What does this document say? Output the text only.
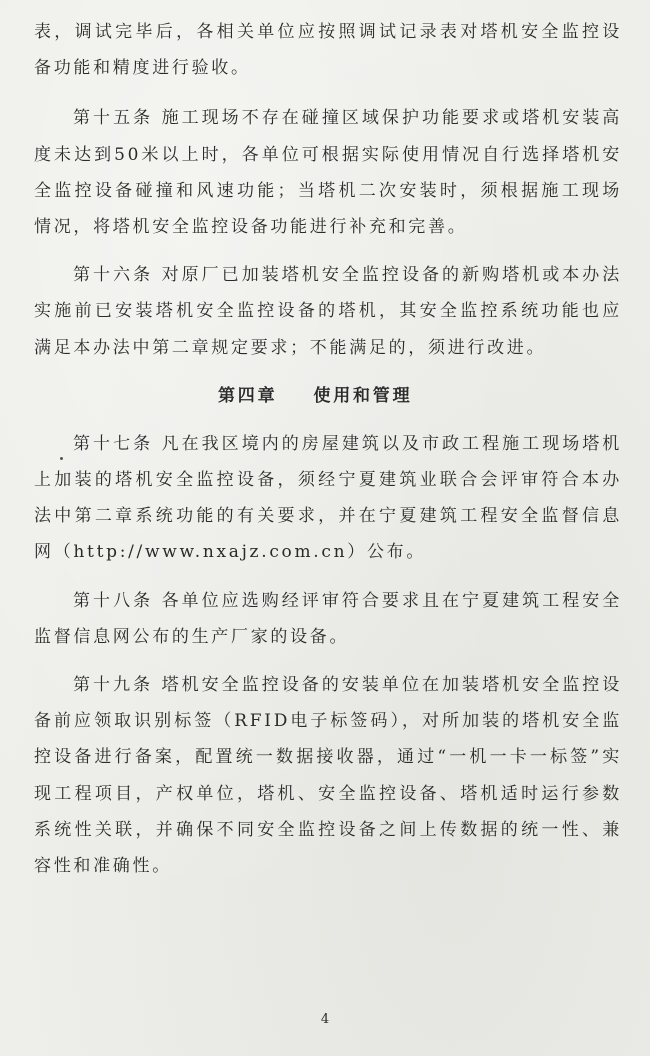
表，调试完毕后，各相关单位应按照调试记录表对塔机安全监控设备功能和精度进行验收。

第十五条 施工现场不存在碰撞区域保护功能要求或塔机安装高度未达到50米以上时，各单位可根据实际使用情况自行选择塔机安全监控设备碰撞和风速功能；当塔机二次安装时，须根据施工现场情况，将塔机安全监控设备功能进行补充和完善。

第十六条 对原厂已加装塔机安全监控设备的新购塔机或本办法实施前已安装塔机安全监控设备的塔机，其安全监控系统功能也应满足本办法中第二章规定要求；不能满足的，须进行改进。

第四章 使用和管理

第十七条 凡在我区境内的房屋建筑以及市政工程施工现场塔机上加装的塔机安全监控设备，须经宁夏建筑业联合会评审符合本办法中第二章系统功能的有关要求，并在宁夏建筑工程安全监督信息网（http://www.nxajz.com.cn）公布。

第十八条 各单位应选购经评审符合要求且在宁夏建筑工程安全监督信息网公布的生产厂家的设备。

第十九条 塔机安全监控设备的安装单位在加装塔机安全监控设备前应领取识别标签（RFID电子标签码），对所加装的塔机安全监控设备进行备案，配置统一数据接收器，通过“一机一卡一标签”实现工程项目，产权单位，塔机、安全监控设备、塔机适时运行参数系统性关联，并确保不同安全监控设备之间上传数据的统一性、兼容性和准确性。

4
